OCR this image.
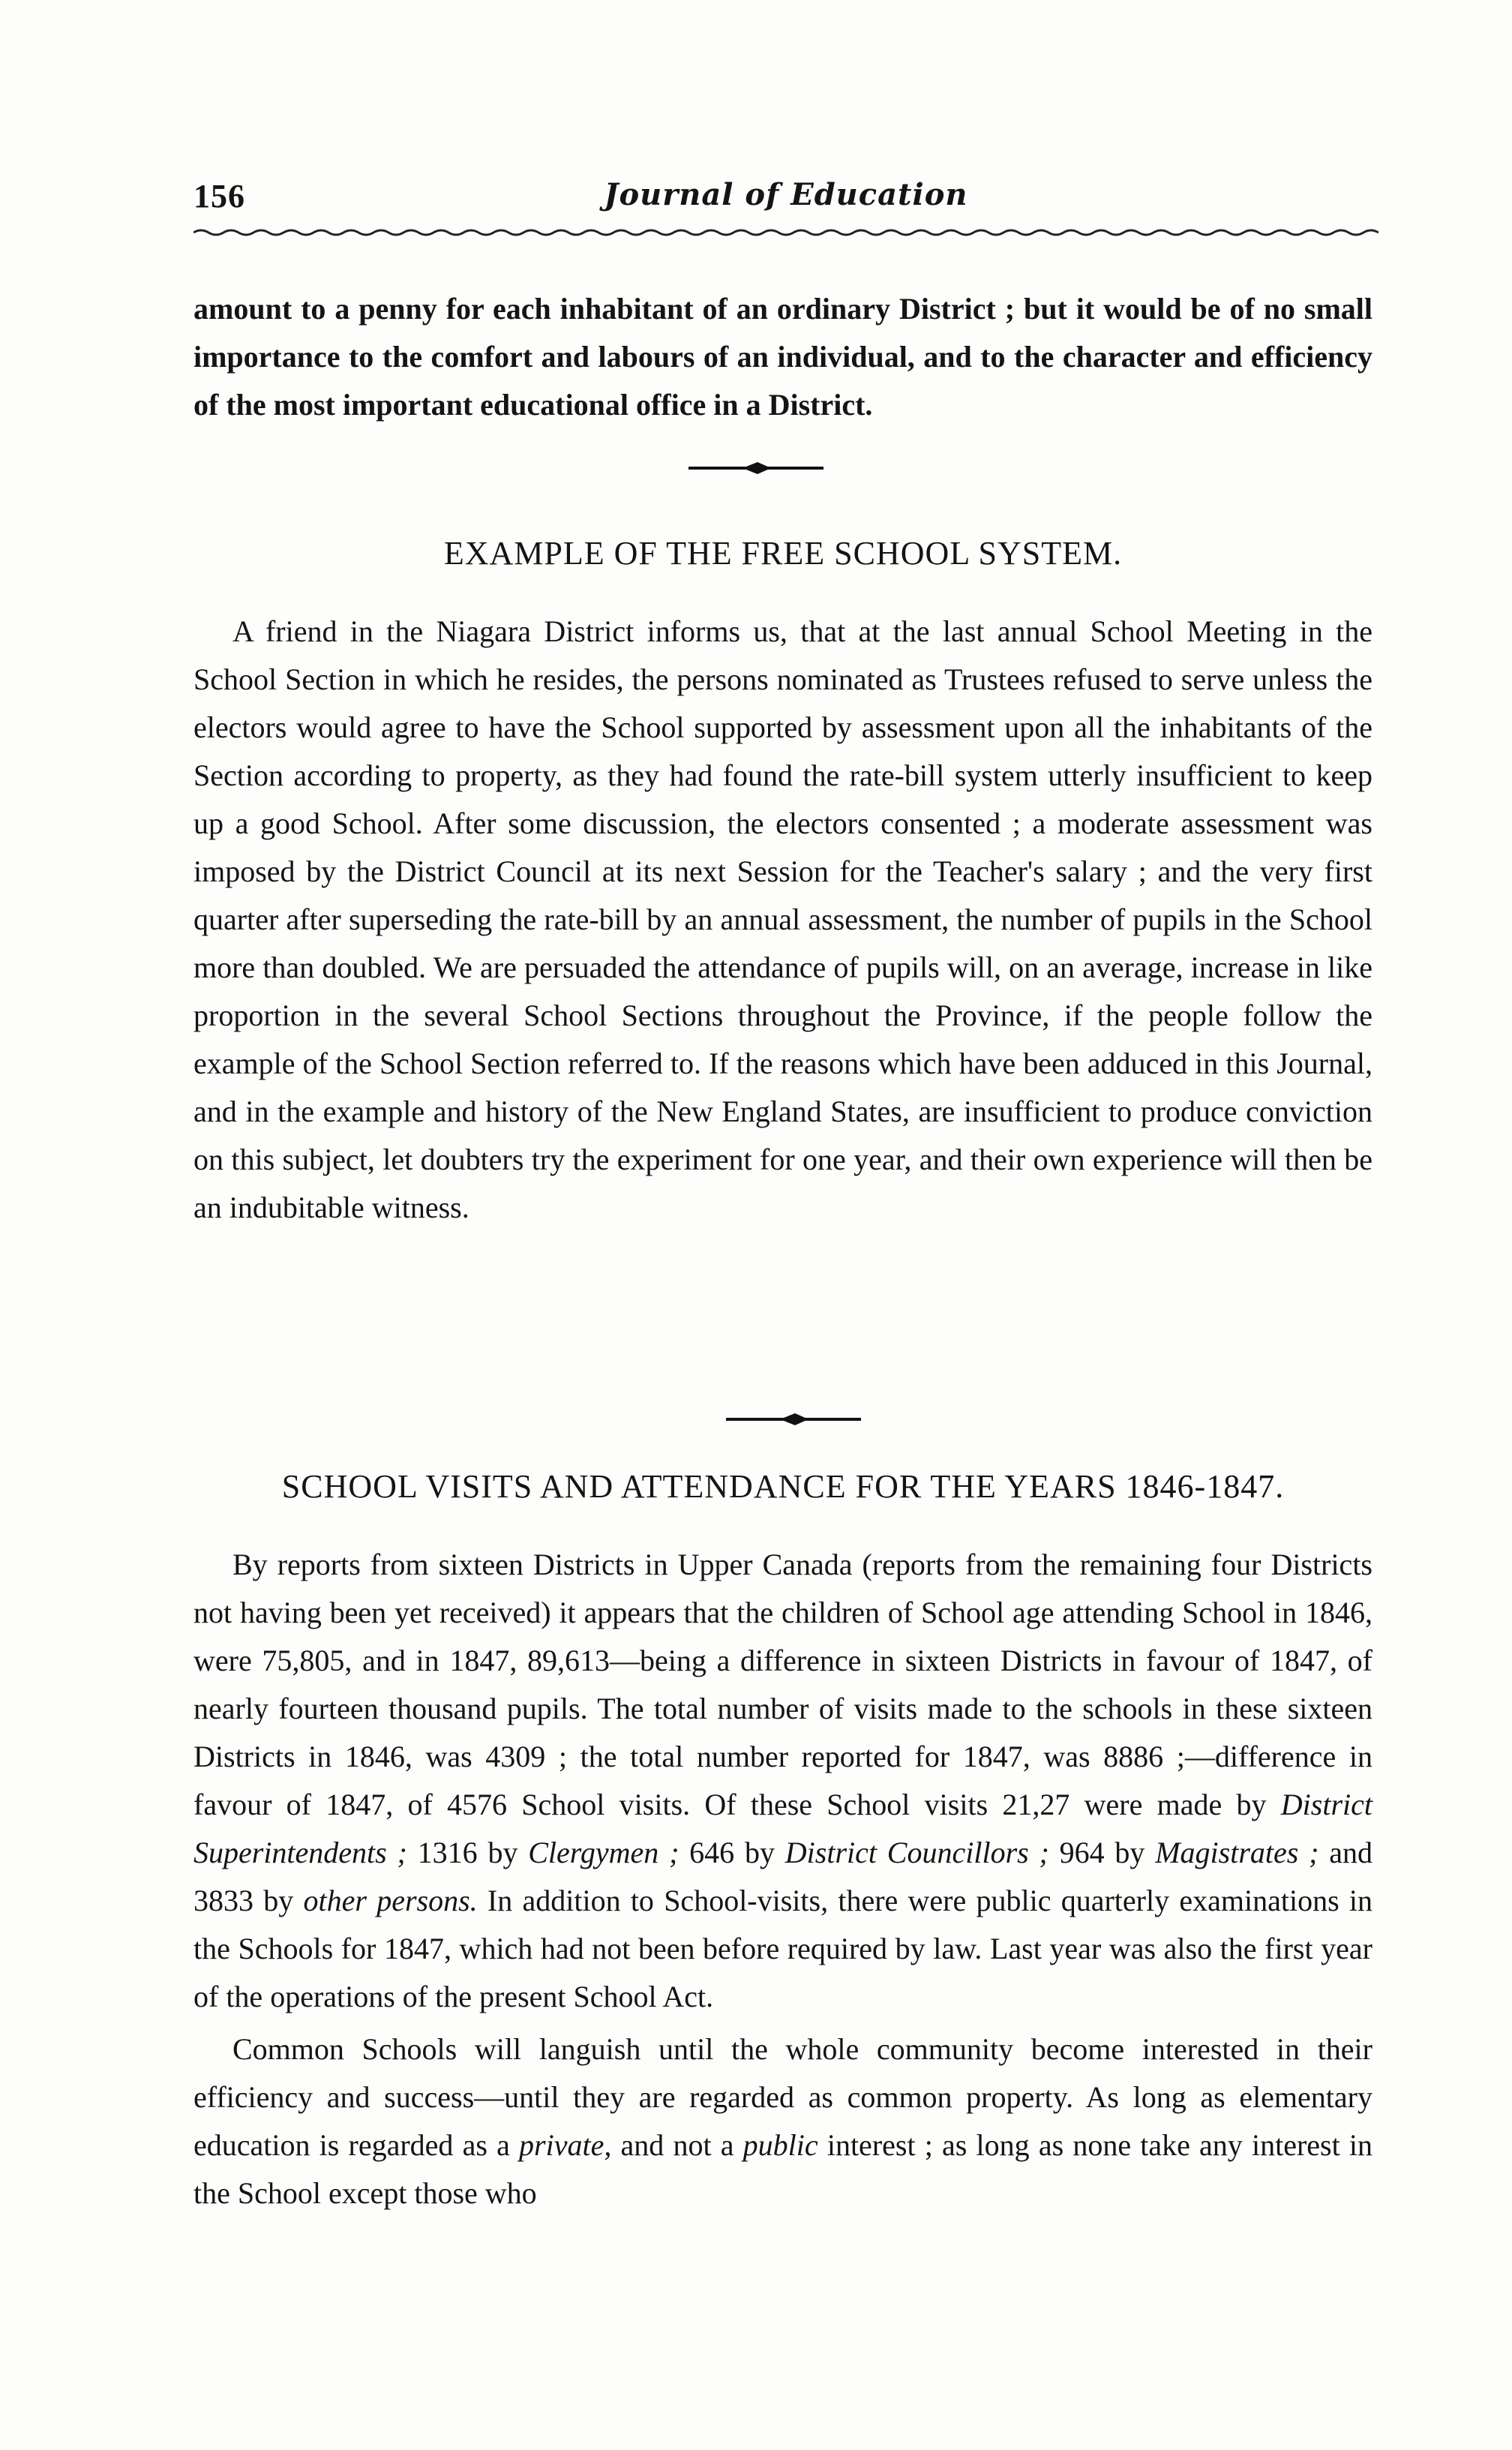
156	Journal of Education

amount to a penny for each inhabitant of an ordinary District ; but it would be of no small importance to the comfort and labours of an individual, and to the character and efficiency of the most important educational office in a District.

EXAMPLE OF THE FREE SCHOOL SYSTEM.

A friend in the Niagara District informs us, that at the last annual School Meeting in the School Section in which he resides, the persons nominated as Trustees refused to serve unless the electors would agree to have the School supported by assessment upon all the inhabitants of the Section according to property, as they had found the rate-bill system utterly insufficient to keep up a good School. After some discussion, the electors consented ; a moderate assessment was imposed by the District Council at its next Session for the Teacher's salary ; and the very first quarter after superseding the rate-bill by an annual assessment, the number of pupils in the School more than doubled. We are persuaded the attendance of pupils will, on an average, increase in like proportion in the several School Sections throughout the Province, if the people follow the example of the School Section referred to. If the reasons which have been adduced in this Journal, and in the example and history of the New England States, are insufficient to produce conviction on this subject, let doubters try the experiment for one year, and their own experience will then be an indubitable witness.

SCHOOL VISITS AND ATTENDANCE FOR THE YEARS 1846-1847.

By reports from sixteen Districts in Upper Canada (reports from the remaining four Districts not having been yet received) it appears that the children of School age attending School in 1846, were 75,805, and in 1847, 89,613—being a difference in sixteen Districts in favour of 1847, of nearly fourteen thousand pupils. The total number of visits made to the schools in these sixteen Districts in 1846, was 4309 ; the total number reported for 1847, was 8886 ;—difference in favour of 1847, of 4576 School visits. Of these School visits 21,27 were made by District Superintendents ; 1316 by Clergymen ; 646 by District Councillors ; 964 by Magistrates ; and 3833 by other persons. In addition to School-visits, there were public quarterly examinations in the Schools for 1847, which had not been before required by law. Last year was also the first year of the operations of the present School Act.

Common Schools will languish until the whole community become interested in their efficiency and success—until they are regarded as common property. As long as elementary education is regarded as a private, and not a public interest ; as long as none take any interest in the School except those who
